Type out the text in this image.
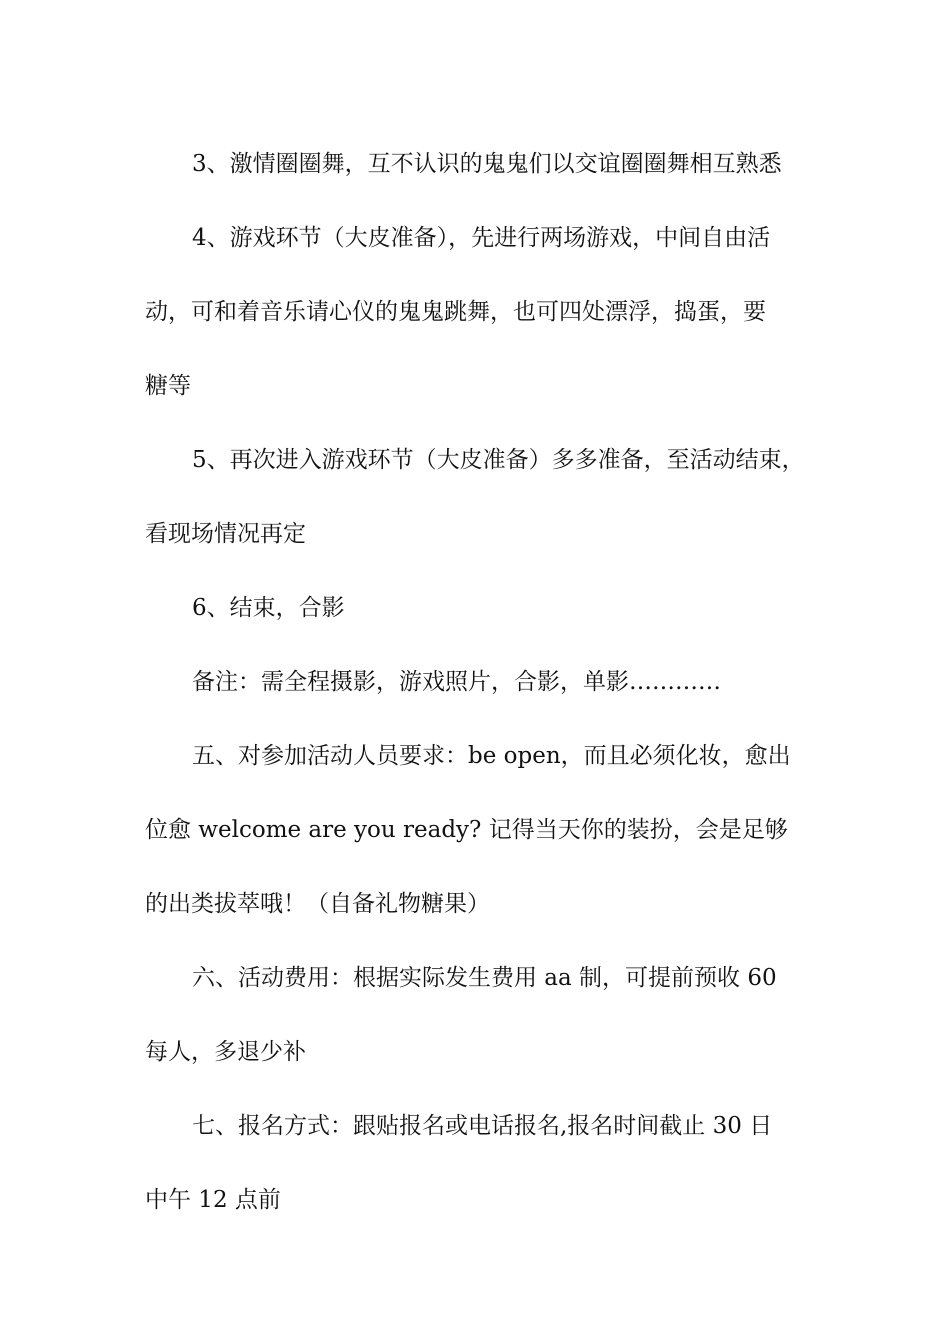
3、激情圈圈舞，互不认识的鬼鬼们以交谊圈圈舞相互熟悉

4、游戏环节（大皮准备），先进行两场游戏，中间自由活
动，可和着音乐请心仪的鬼鬼跳舞，也可四处漂浮，捣蛋，要
糖等

5、再次进入游戏环节（大皮准备）多多准备，至活动结束，
看现场情况再定

6、结束，合影

备注：需全程摄影，游戏照片，合影，单影…………

五、对参加活动人员要求：be open，而且必须化妆，愈出
位愈 welcome are you ready? 记得当天你的装扮，会是足够
的出类拔萃哦！（自备礼物糖果）

六、活动费用：根据实际发生费用 aa 制，可提前预收 60
每人，多退少补

七、报名方式：跟贴报名或电话报名,报名时间截止 30 日
中午 12 点前
